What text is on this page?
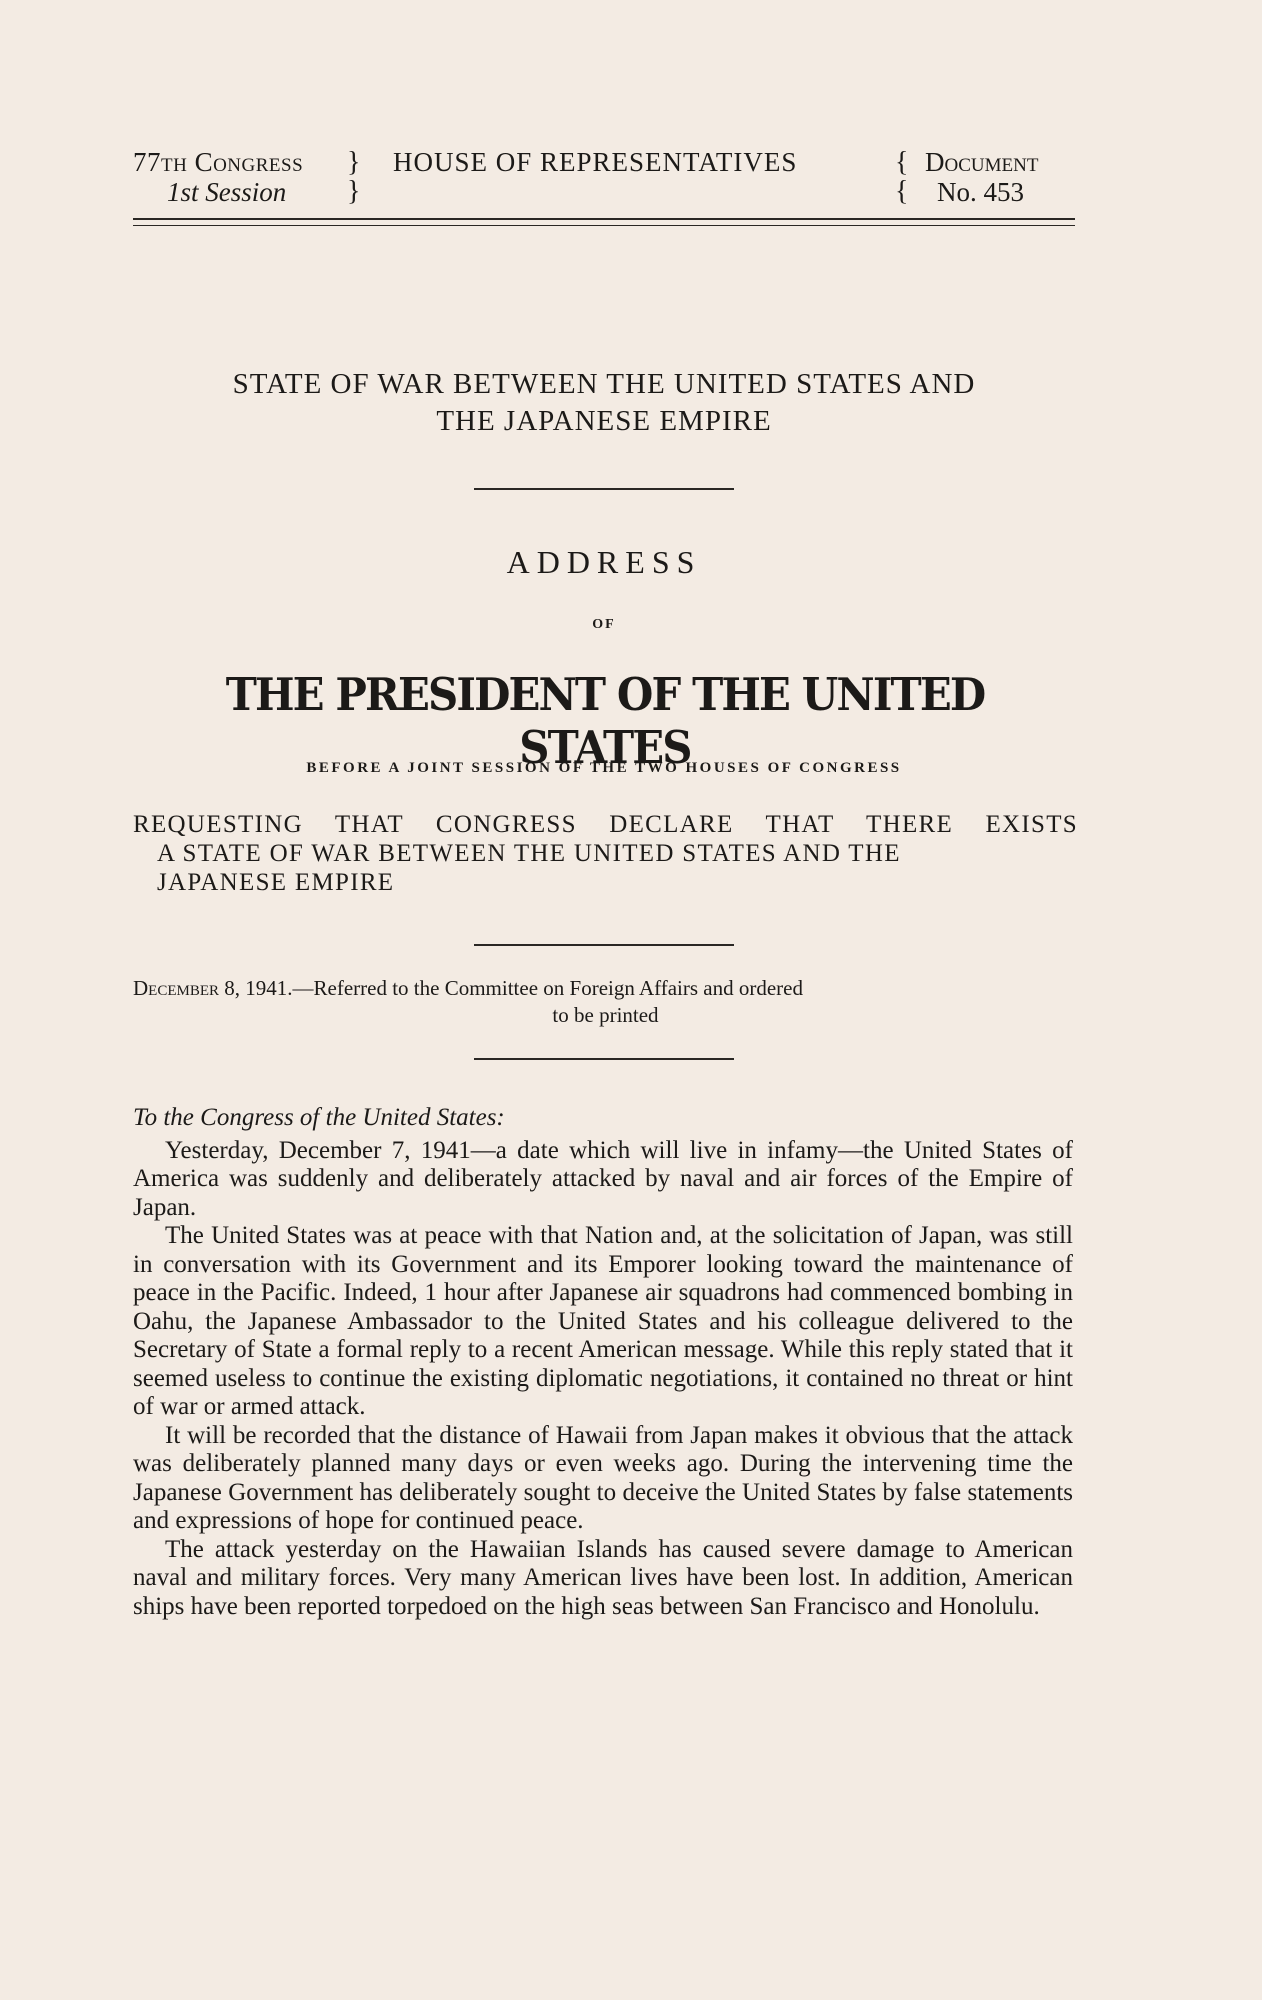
77th Congress
1st Session
}
}
HOUSE OF REPRESENTATIVES	{
{
Document
No. 453
STATE OF WAR BETWEEN THE UNITED STATES AND
THE JAPANESE EMPIRE
ADDRESS
OF
THE PRESIDENT OF THE UNITED STATES
BEFORE A JOINT SESSION OF THE TWO HOUSES OF CONGRESS
REQUESTING THAT CONGRESS DECLARE THAT THERE EXISTS
A STATE OF WAR BETWEEN THE UNITED STATES AND THE
JAPANESE EMPIRE
December 8, 1941.—Referred to the Committee on Foreign Affairs and ordered
to be printed

To the Congress of the United States:

Yesterday, December 7, 1941—a date which will live in infamy—the United States of America was suddenly and deliberately attacked by naval and air forces of the Empire of Japan.

The United States was at peace with that Nation and, at the solicitation of Japan, was still in conversation with its Government and its Emporer looking toward the maintenance of peace in the Pacific. Indeed, 1 hour after Japanese air squadrons had commenced bombing in Oahu, the Japanese Ambassador to the United States and his colleague delivered to the Secretary of State a formal reply to a recent American message. While this reply stated that it seemed useless to continue the existing diplomatic negotiations, it contained no threat or hint of war or armed attack.

It will be recorded that the distance of Hawaii from Japan makes it obvious that the attack was deliberately planned many days or even weeks ago. During the intervening time the Japanese Government has deliberately sought to deceive the United States by false statements and expressions of hope for continued peace.

The attack yesterday on the Hawaiian Islands has caused severe damage to American naval and military forces. Very many American lives have been lost. In addition, American ships have been reported torpedoed on the high seas between San Francisco and Honolulu.
